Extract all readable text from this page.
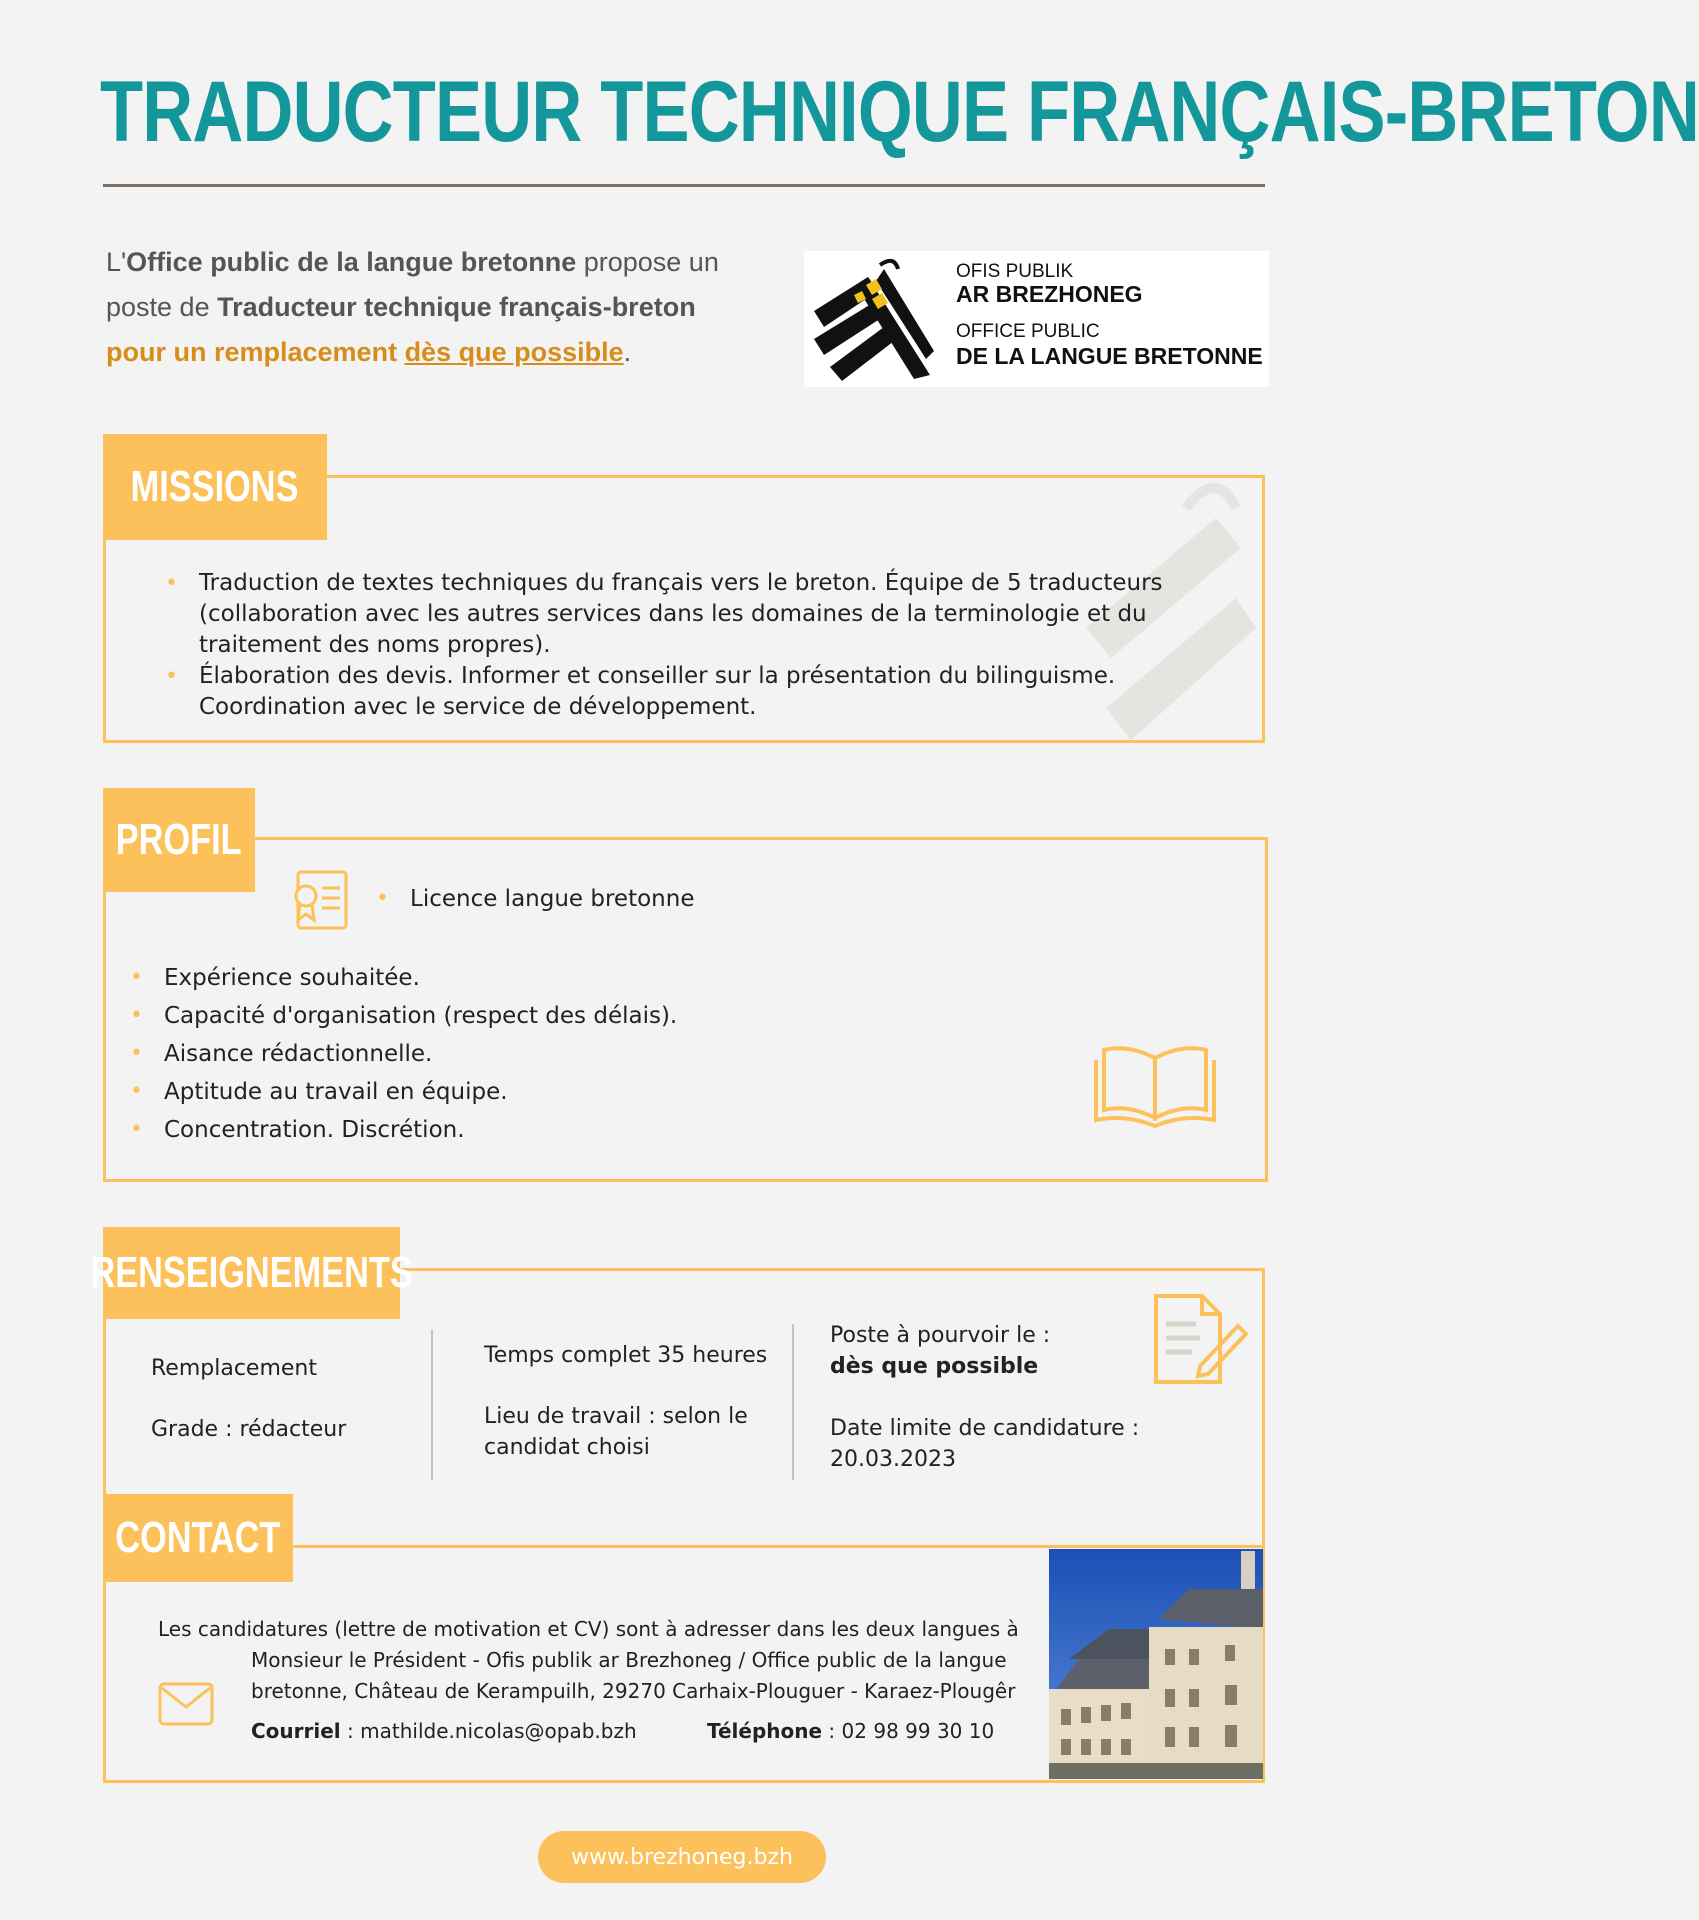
TRADUCTEUR TECHNIQUE FRANÇAIS-BRETON
L'Office public de la langue bretonne propose un poste de Traducteur technique français-breton
pour un remplacement dès que possible.
OFIS PUBLIK
AR BREZHONEG
OFFICE PUBLIC
DE LA LANGUE BRETONNE
MISSIONS
• Traduction de textes techniques du français vers le breton. Équipe de 5 traducteurs (collaboration avec les autres services dans les domaines de la terminologie et du traitement des noms propres).
• Élaboration des devis. Informer et conseiller sur la présentation du bilinguisme. Coordination avec le service de développement.
PROFIL
• Licence langue bretonne
• Expérience souhaitée.
• Capacité d'organisation (respect des délais).
• Aisance rédactionnelle.
• Aptitude au travail en équipe.
• Concentration. Discrétion.
RENSEIGNEMENTS
Remplacement
Grade : rédacteur
Temps complet 35 heures
Lieu de travail : selon le candidat choisi
Poste à pourvoir le :
dès que possible
Date limite de candidature :
20.03.2023
CONTACT
Les candidatures (lettre de motivation et CV) sont à adresser dans les deux langues à
Monsieur le Président - Ofis publik ar Brezhoneg / Office public de la langue
bretonne, Château de Kerampuilh, 29270 Carhaix-Plouguer - Karaez-Plougêr
Courriel : mathilde.nicolas@opab.bzh	Téléphone : 02 98 99 30 10
www.brezhoneg.bzh
